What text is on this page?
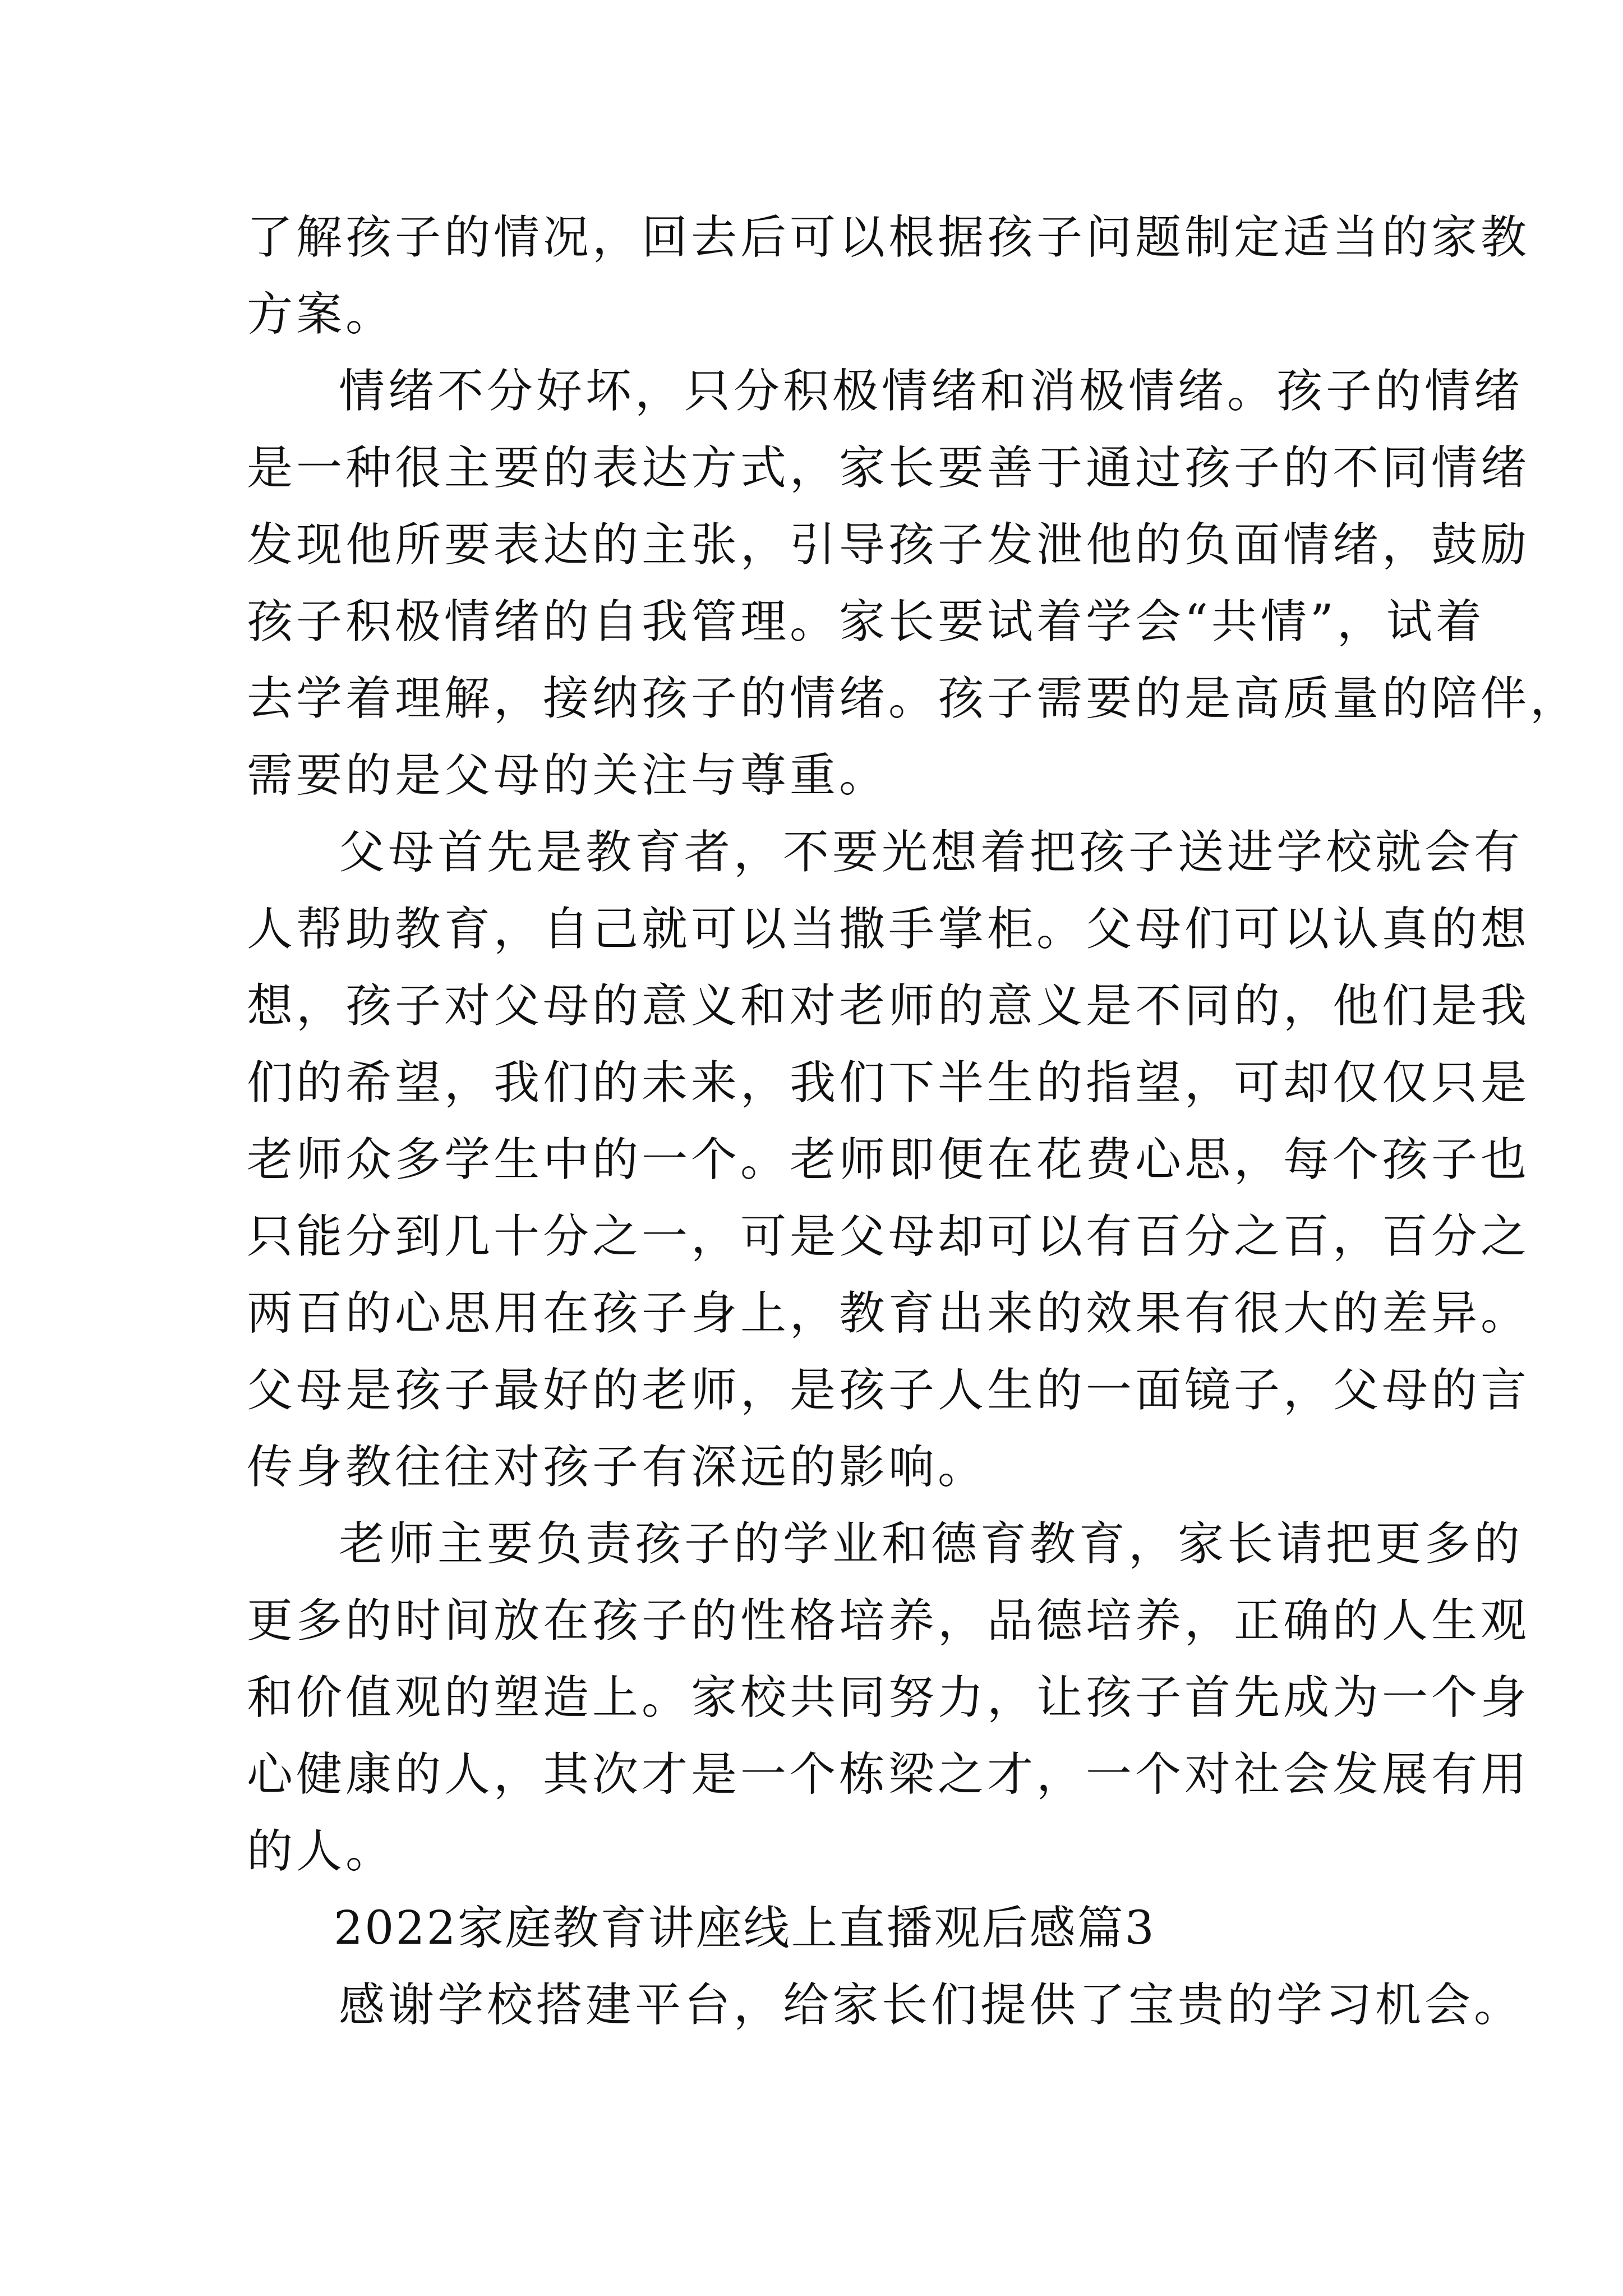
了解孩子的情况，回去后可以根据孩子问题制定适当的家教
方案。
情绪不分好坏，只分积极情绪和消极情绪。孩子的情绪
是一种很主要的表达方式，家长要善于通过孩子的不同情绪
发现他所要表达的主张，引导孩子发泄他的负面情绪，鼓励
孩子积极情绪的自我管理。家长要试着学会“共情”，试着
去学着理解，接纳孩子的情绪。孩子需要的是高质量的陪伴，
需要的是父母的关注与尊重。
父母首先是教育者，不要光想着把孩子送进学校就会有
人帮助教育，自己就可以当撒手掌柜。父母们可以认真的想
想，孩子对父母的意义和对老师的意义是不同的，他们是我
们的希望，我们的未来，我们下半生的指望，可却仅仅只是
老师众多学生中的一个。老师即便在花费心思，每个孩子也
只能分到几十分之一，可是父母却可以有百分之百，百分之
两百的心思用在孩子身上，教育出来的效果有很大的差异。
父母是孩子最好的老师，是孩子人生的一面镜子，父母的言
传身教往往对孩子有深远的影响。
老师主要负责孩子的学业和德育教育，家长请把更多的
更多的时间放在孩子的性格培养，品德培养，正确的人生观
和价值观的塑造上。家校共同努力，让孩子首先成为一个身
心健康的人，其次才是一个栋梁之才，一个对社会发展有用
的人。
2022家庭教育讲座线上直播观后感篇3
感谢学校搭建平台，给家长们提供了宝贵的学习机会。
